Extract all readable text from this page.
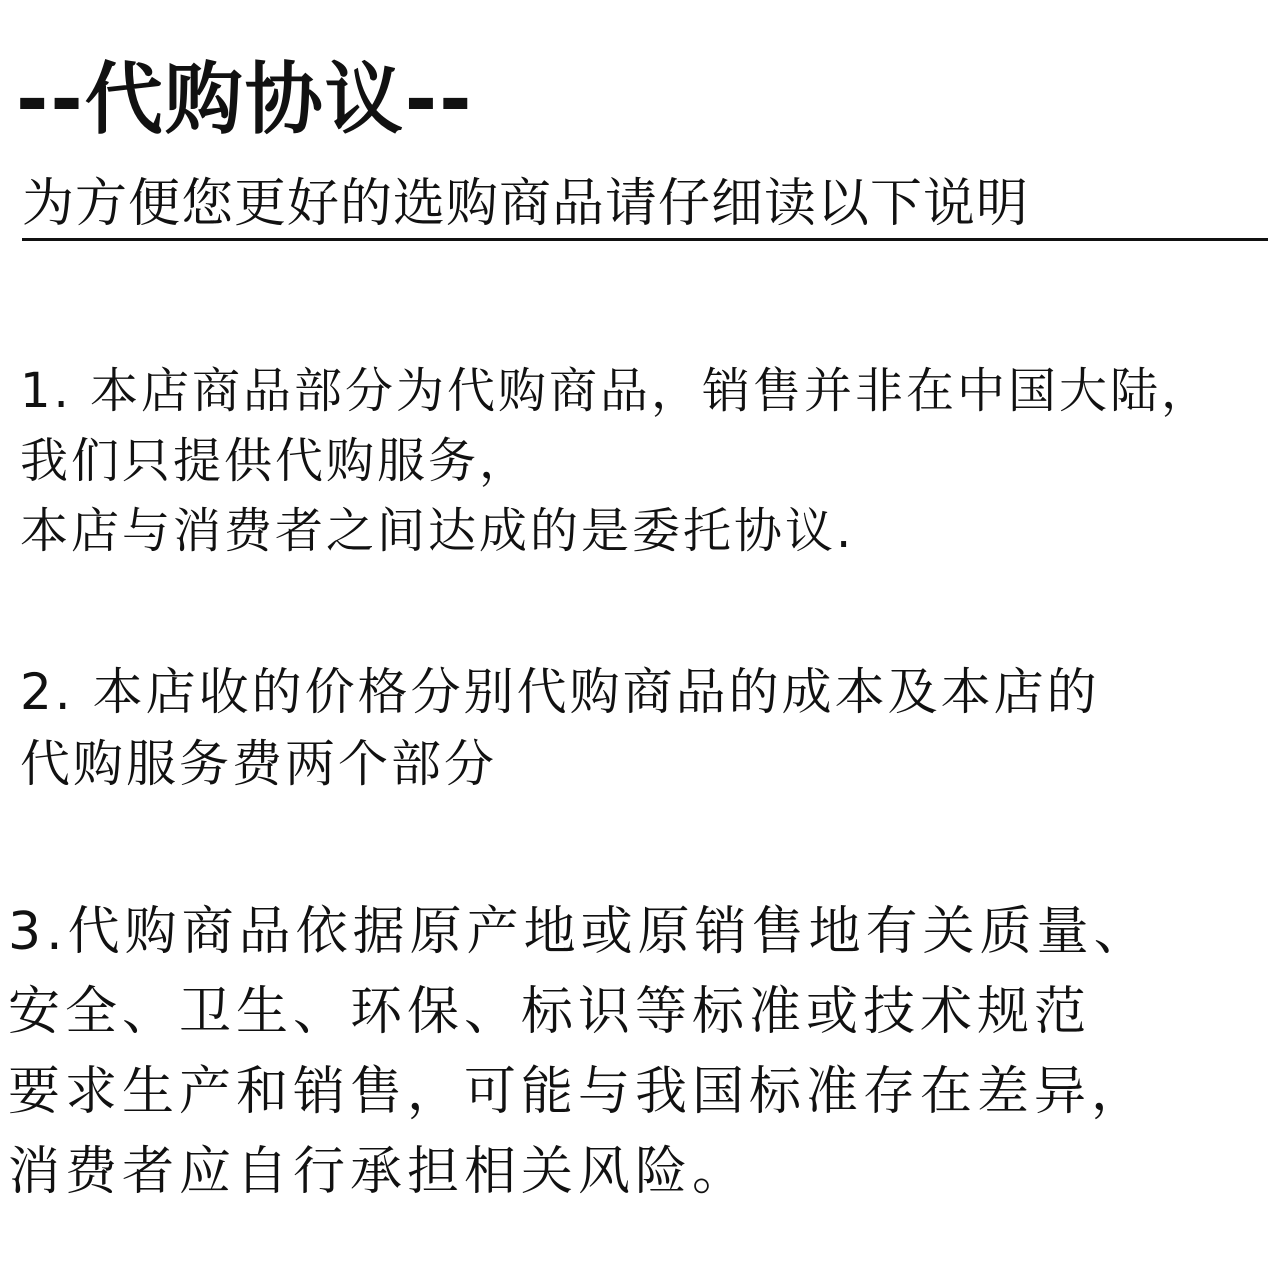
--代购协议--
为方便您更好的选购商品请仔细读以下说明
1. 本店商品部分为代购商品，销售并非在中国大陆，
我们只提供代购服务，
本店与消费者之间达成的是委托协议.
2. 本店收的价格分别代购商品的成本及本店的
代购服务费两个部分
3.代购商品依据原产地或原销售地有关质量、
安全、卫生、环保、标识等标准或技术规范
要求生产和销售，可能与我国标准存在差异，
消费者应自行承担相关风险。
